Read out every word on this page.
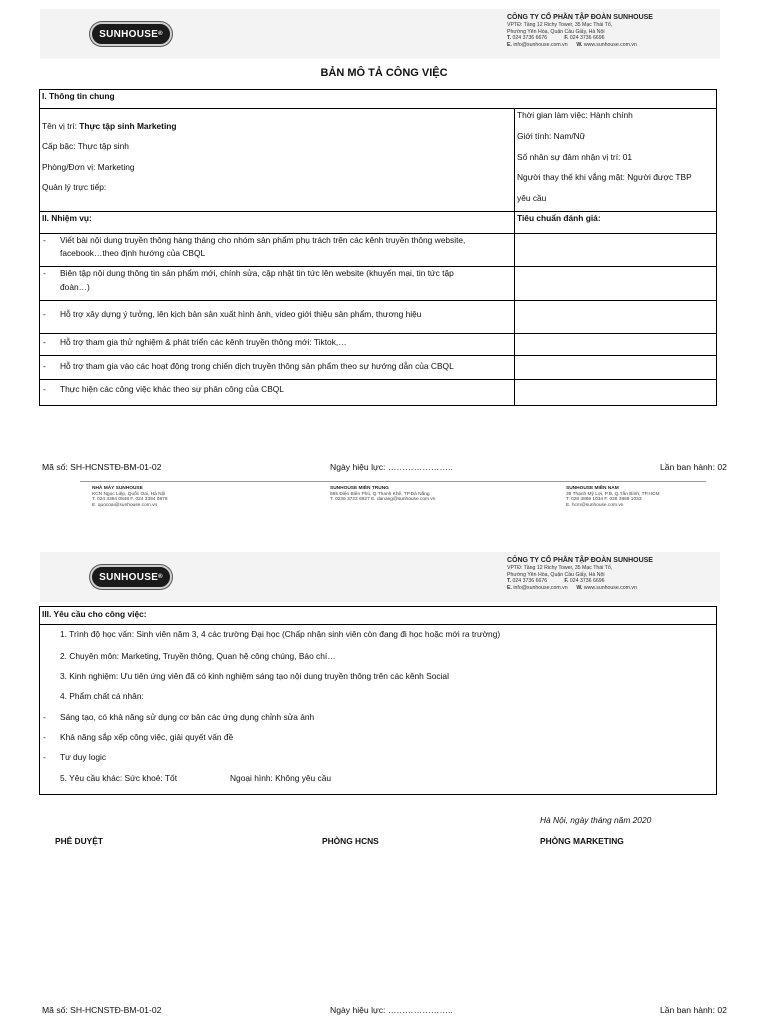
SUNHOUSE ®
CÔNG TY CỔ PHẦN TẬP ĐOÀN SUNHOUSE
VPTĐ: Tầng 12 Richy Tower, 35 Mạc Thái Tổ,
Phường Yên Hòa, Quận Cầu Giấy, Hà Nội
T. 024 3736 6676	F. 024 3736 6696
E. info@sunhouse.com.vn W. www.sunhouse.com.vn
BẢN MÔ TẢ CÔNG VIỆC
I. Thông tin chung
Tên vị trí: Thực tập sinh Marketing
Cấp bậc: Thực tập sinh
Phòng/Đơn vị: Marketing
Quản lý trực tiếp:
Thời gian làm việc: Hành chính
Giới tính: Nam/Nữ
Số nhân sự đảm nhận vị trí: 01
Người thay thế khi vắng mặt: Người được TBP
yêu cầu
II. Nhiệm vụ:	Tiêu chuẩn đánh giá:
- Viết bài nội dung truyền thông hàng tháng cho nhóm sản phẩm phụ trách trên các kênh truyền thông website,
facebook…theo định hướng của CBQL
- Biên tập nội dung thông tin sản phẩm mới, chính sửa, cập nhật tin tức lên website (khuyến mại, tin tức tập
đoàn…)
- Hỗ trợ xây dựng ý tưởng, lên kịch bản sản xuất hình ảnh, video giới thiệu sản phẩm, thương hiệu
- Hỗ trợ tham gia thử nghiệm & phát triển các kênh truyền thông mới: Tiktok,…
- Hỗ trợ tham gia vào các hoạt động trong chiến dịch truyền thông sản phẩm theo sự hướng dẫn của CBQL
- Thực hiện các công việc khác theo sự phân công của CBQL
Mã số: SH-HCNSTĐ-BM-01-02	Ngày hiệu lực: …………………..	Lần ban hành: 02
NHÀ MÁY SUNHOUSE
KCN Ngọc Liệp, Quốc Oai, Hà Nội
T. 024 3394 0848 F. 024 3394 0878
E. quocoai@sunhouse.com.vn
SUNHOUSE MIỀN TRUNG
665 Điện Biên Phủ, Q.Thanh Khê, TP.Đà Nẵng
T. 0236 3722 6927 E. danang@sunhouse.com.vn
SUNHOUSE MIỀN NAM
39 Thạnh Mỹ Lợi, P.B, Q.Tân Bình, TP.HCM
T. 028 3869 1034 F. 028 3869 1033
E. hcm@sunhouse.com.vn
SUNHOUSE ®
CÔNG TY CỔ PHẦN TẬP ĐOÀN SUNHOUSE
VPTĐ: Tầng 12 Richy Tower, 35 Mạc Thái Tổ,
Phường Yên Hòa, Quận Cầu Giấy, Hà Nội
T. 024 3736 6676	F. 024 3736 6696
E. info@sunhouse.com.vn W. www.sunhouse.com.vn
III. Yêu cầu cho công việc:
1. Trình độ học vấn: Sinh viên năm 3, 4 các trường Đại học (Chấp nhận sinh viên còn đang đi học hoặc mới ra trường)
2. Chuyên môn: Marketing, Truyền thông, Quan hệ công chúng, Báo chí…
3. Kinh nghiệm: Ưu tiên ứng viên đã có kinh nghiệm sáng tạo nội dung truyền thông trên các kênh Social
4. Phẩm chất cá nhân:
- Sáng tạo, có khả năng sử dụng cơ bản các ứng dụng chỉnh sửa ảnh
- Khả năng sắp xếp công việc, giải quyết vấn đề
- Tư duy logic
5. Yêu cầu khác: Sức khoẻ: Tốt	Ngoại hình: Không yêu cầu
Hà Nội, ngày tháng năm 2020
PHÊ DUYỆT	PHÒNG HCNS	PHÒNG MARKETING
Mã số: SH-HCNSTĐ-BM-01-02	Ngày hiệu lực: …………………..	Lần ban hành: 02
